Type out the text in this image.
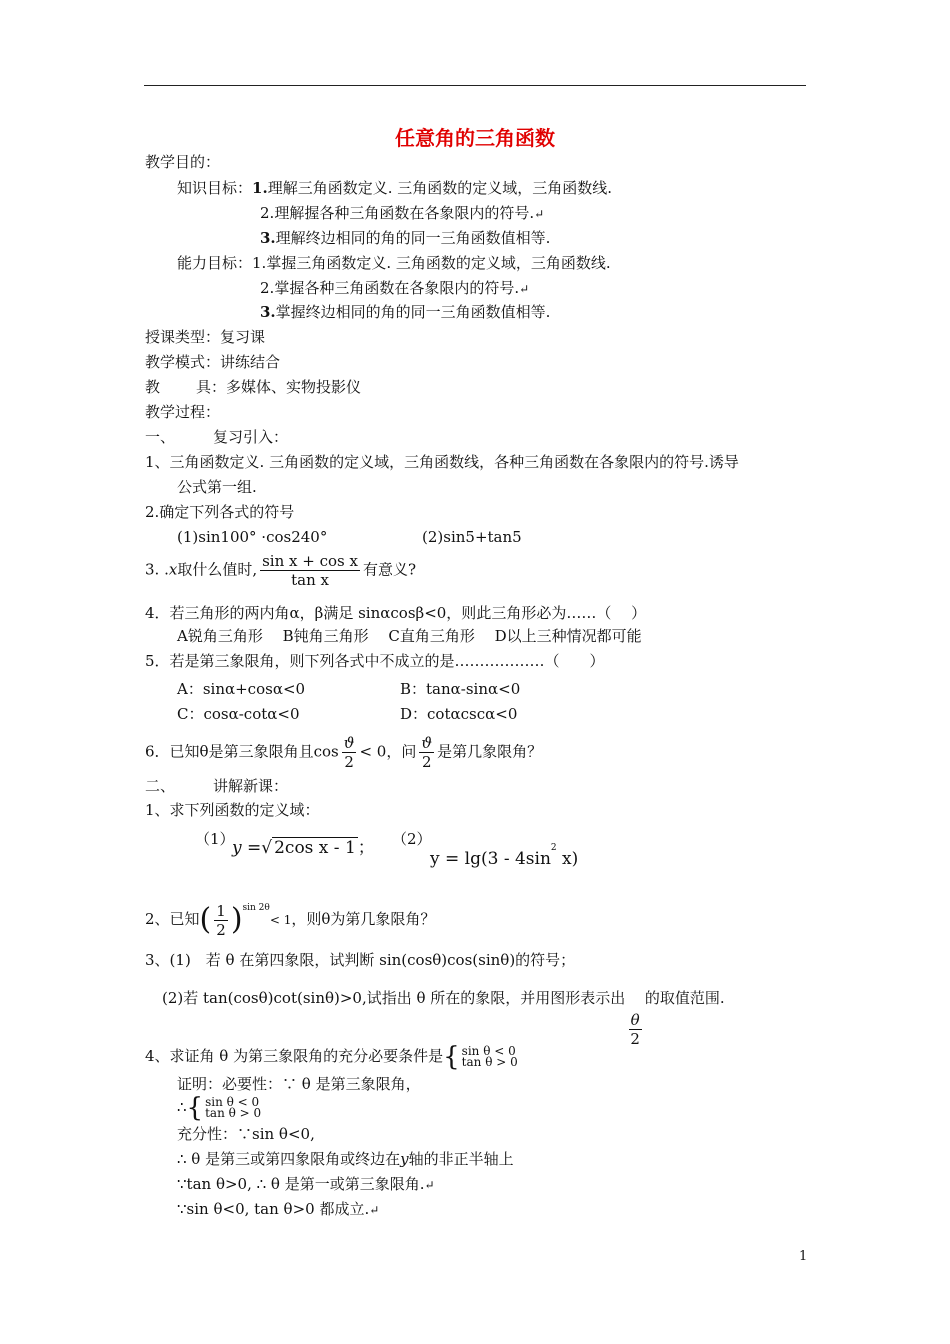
任意角的三角函数
教学目的：
知识目标：1.理解三角函数定义. 三角函数的定义域，三角函数线.
2.理解握各种三角函数在各象限内的符号.↵
3.理解终边相同的角的同一三角函数值相等.
能力目标：1.掌握三角函数定义. 三角函数的定义域，三角函数线.
2.掌握各种三角函数在各象限内的符号.↵
3.掌握终边相同的角的同一三角函数值相等.
授课类型：复习课
教学模式：讲练结合
教 具：多媒体、实物投影仪
教学过程：
一、	复习引入：
1、三角函数定义. 三角函数的定义域，三角函数线，各种三角函数在各象限内的符号.诱导
公式第一组.
2.确定下列各式的符号
(1)sin100° ·cos240°	(2)sin5+tan5
3. .x取什么值时, $\frac{\text{sin x + cos x}}{\text{tan x}}$ 有意义?
4．若三角形的两内角α，β满足 sinαcosβ<0，则此三角形必为……（　 ）
A锐角三角形　 B钝角三角形　 C直角三角形　 D以上三种情况都可能
5．若是第三象限角，则下列各式中不成立的是………………（　　）
A：sinα+cosα<0	B：tanα-sinα<0
C：cosα-cotα<0	D：cotαcscα<0
6．已知θ是第三象限角且$\cos \frac{ϑ}{2} < 0$，问 $\frac{ϑ}{2}$ 是第几象限角？
二、	讲解新课：
1、求下列函数的定义域：
（1）
y =√ 2cos x - 1 ； （2）
$y = \lg(3 - 4\sin^2$ x)
2、已知( $\frac{1}{2} )^{sin 2\theta}< 1$，则θ为第几象限角？
3、(1)　若 θ 在第四象限，试判断 sin(cosθ)cos(sinθ)的符号；
(2)若 tan(cosθ)cot(sinθ)>0,试指出 θ 所在的象限，并用图形表示出
$\frac{\theta}{2}$
的取值范围.
4、求证角 θ 为第三象限角的充分必要条件是 { sin θ < 0
tan θ > 0
证明：必要性：∵ θ 是第三象限角，
∴ { sin θ < 0
tan θ > 0
充分性：∵sin θ<0,
∴ θ 是第三或第四象限角或终边在y轴的非正半轴上
∵tan θ>0, ∴ θ 是第一或第三象限角.↵
∵sin θ<0, tan θ>0 都成立.↵
1
